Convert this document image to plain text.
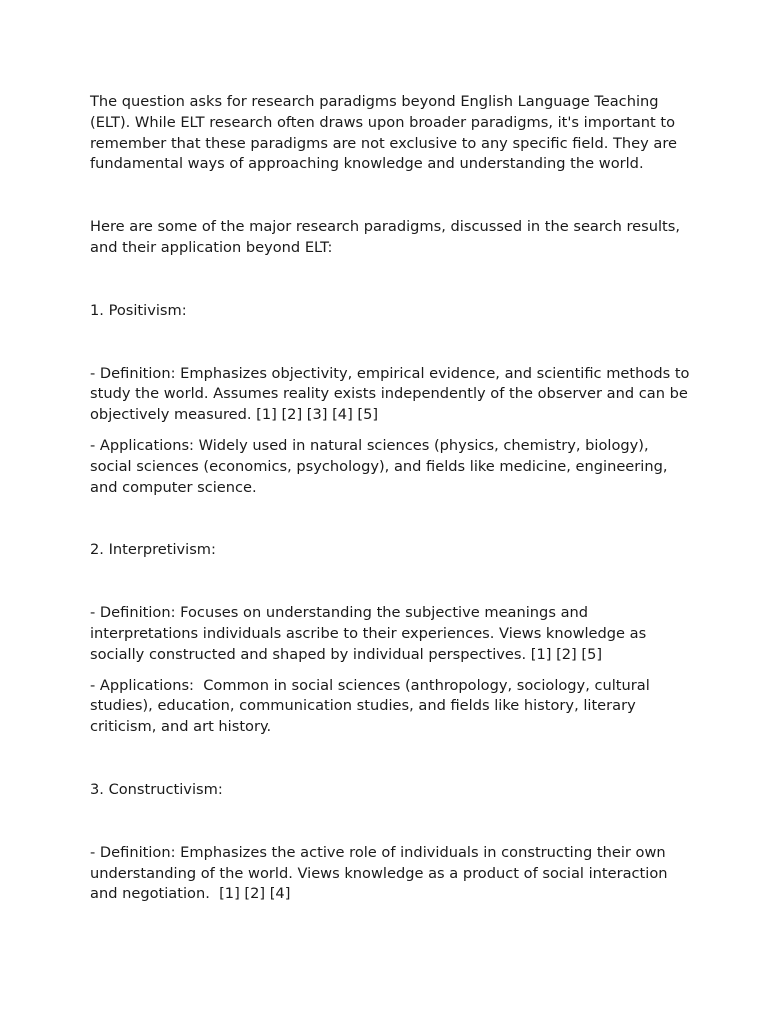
The question asks for research paradigms beyond English Language Teaching (ELT). While ELT research often draws upon broader paradigms, it's important to remember that these paradigms are not exclusive to any specific field. They are fundamental ways of approaching knowledge and understanding the world.

Here are some of the major research paradigms, discussed in the search results, and their application beyond ELT:

1. Positivism:

- Definition: Emphasizes objectivity, empirical evidence, and scientific methods to study the world. Assumes reality exists independently of the observer and can be objectively measured. [1] [2] [3] [4] [5]

- Applications: Widely used in natural sciences (physics, chemistry, biology), social sciences (economics, psychology), and fields like medicine, engineering, and computer science.

2. Interpretivism:

- Definition: Focuses on understanding the subjective meanings and interpretations individuals ascribe to their experiences. Views knowledge as socially constructed and shaped by individual perspectives. [1] [2] [5]

- Applications:  Common in social sciences (anthropology, sociology, cultural studies), education, communication studies, and fields like history, literary criticism, and art history.

3. Constructivism:

- Definition: Emphasizes the active role of individuals in constructing their own understanding of the world. Views knowledge as a product of social interaction and negotiation.  [1] [2] [4]
